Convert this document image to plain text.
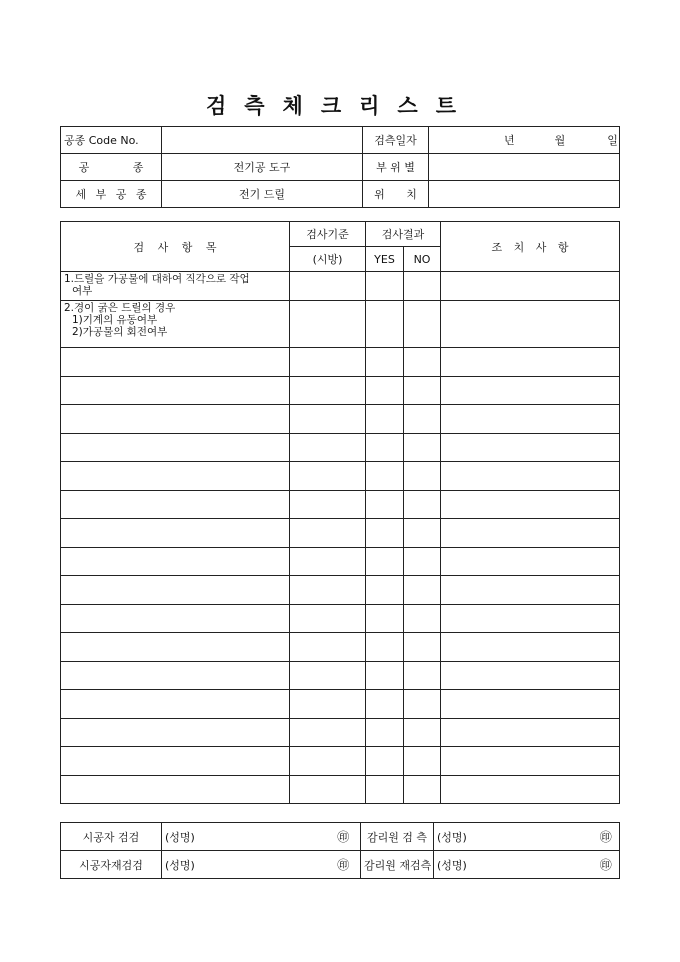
검측체크리스트
공종 Code No.		검측일자	년 월 일
공 종	전기공 도구	부 위 별	
세 부 공 종	전기 드릴	위 치	
검 사 항 목	검사기준	검사결과		조 치 사 항
	(시방)	YES	NO	

1.드릴을 가공물에 대하여 직각으로 작업
여부				

2.경이 굵은 드릴의 경우
1)기계의 유동여부
2)가공물의 회전여부				

시공자 검검	(성명)		㊞	감리원 검 측	(성명)		㊞
시공자재검검	(성명)		㊞	감리원 재검측	(성명)		㊞
